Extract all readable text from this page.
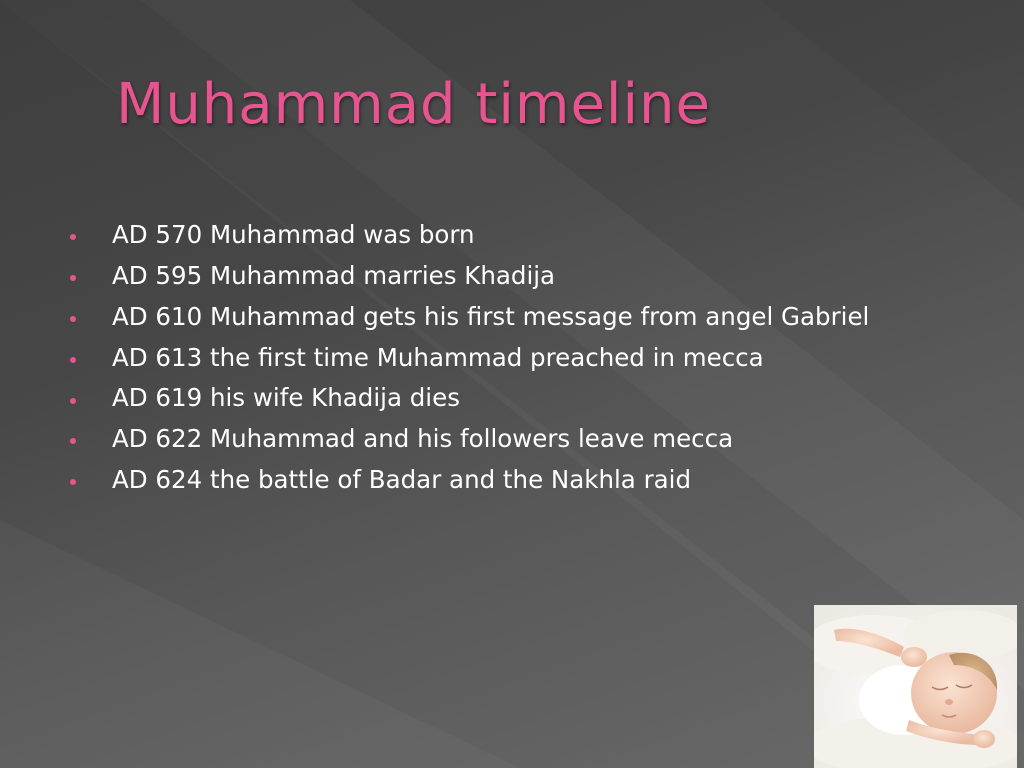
Muhammad timeline
AD 570 Muhammad was born
AD 595 Muhammad marries Khadija
AD 610 Muhammad gets his first message from angel Gabriel
AD 613 the first time Muhammad preached in mecca
AD 619 his wife Khadija dies
AD 622 Muhammad and his followers leave mecca
AD 624 the battle of Badar and the Nakhla raid
